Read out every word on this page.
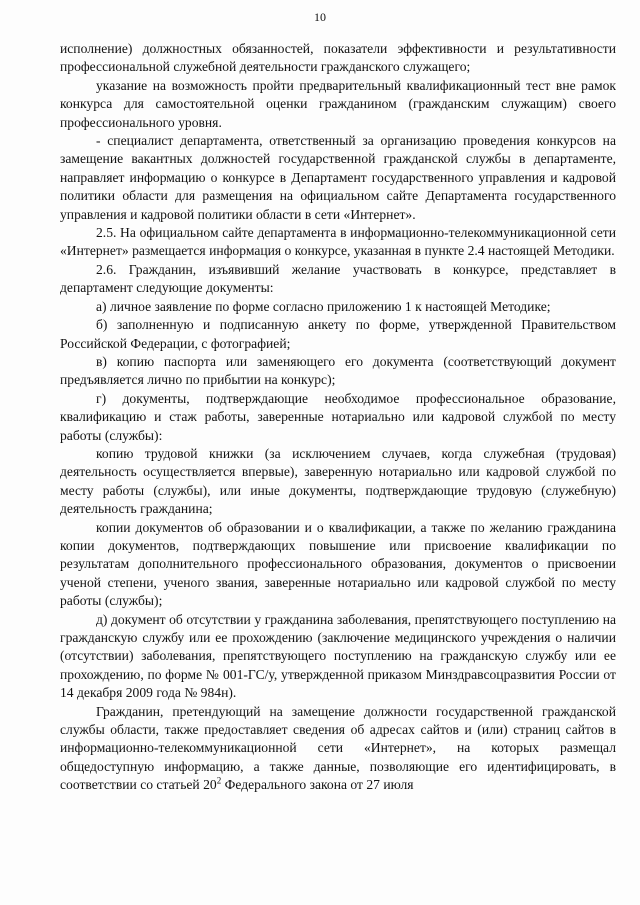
10

исполнение) должностных обязанностей, показатели эффективности и результативности профессиональной служебной деятельности гражданского служащего;

указание на возможность пройти предварительный квалификационный тест вне рамок конкурса для самостоятельной оценки гражданином (гражданским служащим) своего профессионального уровня.

- специалист департамента, ответственный за организацию проведения конкурсов на замещение вакантных должностей государственной гражданской службы в департаменте, направляет информацию о конкурсе в Департамент государственного управления и кадровой политики области для размещения на официальном сайте Департамента государственного управления и кадровой политики области в сети «Интернет».

2.5. На официальном сайте департамента в информационно-телекоммуникационной сети «Интернет» размещается информация о конкурсе, указанная в пункте 2.4 настоящей Методики.

2.6. Гражданин, изъявивший желание участвовать в конкурсе, представляет в департамент следующие документы:

а) личное заявление по форме согласно приложению 1 к настоящей Методике;

б) заполненную и подписанную анкету по форме, утвержденной Правительством Российской Федерации, с фотографией;

в) копию паспорта или заменяющего его документа (соответствующий документ предъявляется лично по прибытии на конкурс);

г) документы, подтверждающие необходимое профессиональное образование, квалификацию и стаж работы, заверенные нотариально или кадровой службой по месту работы (службы):

копию трудовой книжки (за исключением случаев, когда служебная (трудовая) деятельность осуществляется впервые), заверенную нотариально или кадровой службой по месту работы (службы), или иные документы, подтверждающие трудовую (служебную) деятельность гражданина;

копии документов об образовании и о квалификации, а также по желанию гражданина копии документов, подтверждающих повышение или присвоение квалификации по результатам дополнительного профессионального образования, документов о присвоении ученой степени, ученого звания, заверенные нотариально или кадровой службой по месту работы (службы);

д) документ об отсутствии у гражданина заболевания, препятствующего поступлению на гражданскую службу или ее прохождению (заключение медицинского учреждения о наличии (отсутствии) заболевания, препятствующего поступлению на гражданскую службу или ее прохождению, по форме № 001-ГС/у, утвержденной приказом Минздравсоцразвития России от 14 декабря 2009 года № 984н).

Гражданин, претендующий на замещение должности государственной гражданской службы области, также предоставляет сведения об адресах сайтов и (или) страниц сайтов в информационно-телекоммуникационной сети «Интернет», на которых размещал общедоступную информацию, а также данные, позволяющие его идентифицировать, в соответствии со статьей $20^2$ Федерального закона от 27 июля
